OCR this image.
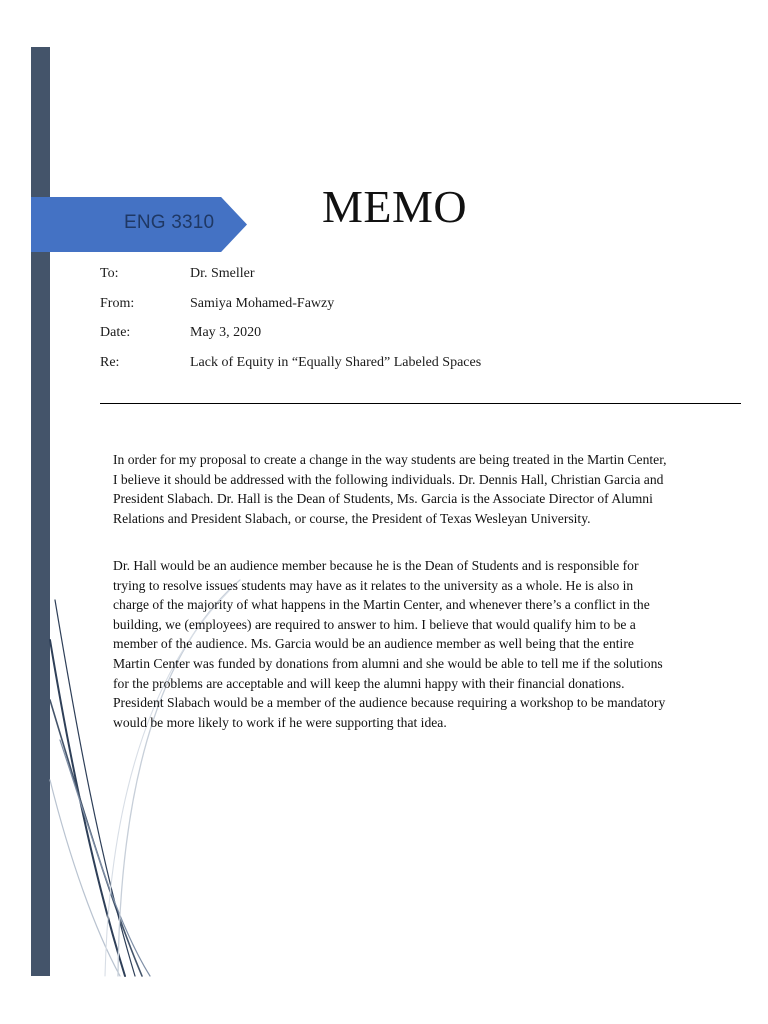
ENG 3310 MEMO
To:	Dr. Smeller
From:	Samiya Mohamed-Fawzy
Date:	May 3, 2020
Re:	Lack of Equity in “Equally Shared” Labeled Spaces

In order for my proposal to create a change in the way students are being treated in the Martin Center, I believe it should be addressed with the following individuals. Dr. Dennis Hall, Christian Garcia and President Slabach. Dr. Hall is the Dean of Students, Ms. Garcia is the Associate Director of Alumni Relations and President Slabach, or course, the President of Texas Wesleyan University.

Dr. Hall would be an audience member because he is the Dean of Students and is responsible for trying to resolve issues students may have as it relates to the university as a whole. He is also in charge of the majority of what happens in the Martin Center, and whenever there’s a conflict in the building, we (employees) are required to answer to him. I believe that would qualify him to be a member of the audience. Ms. Garcia would be an audience member as well being that the entire Martin Center was funded by donations from alumni and she would be able to tell me if the solutions for the problems are acceptable and will keep the alumni happy with their financial donations. President Slabach would be a member of the audience because requiring a workshop to be mandatory would be more likely to work if he were supporting that idea.
